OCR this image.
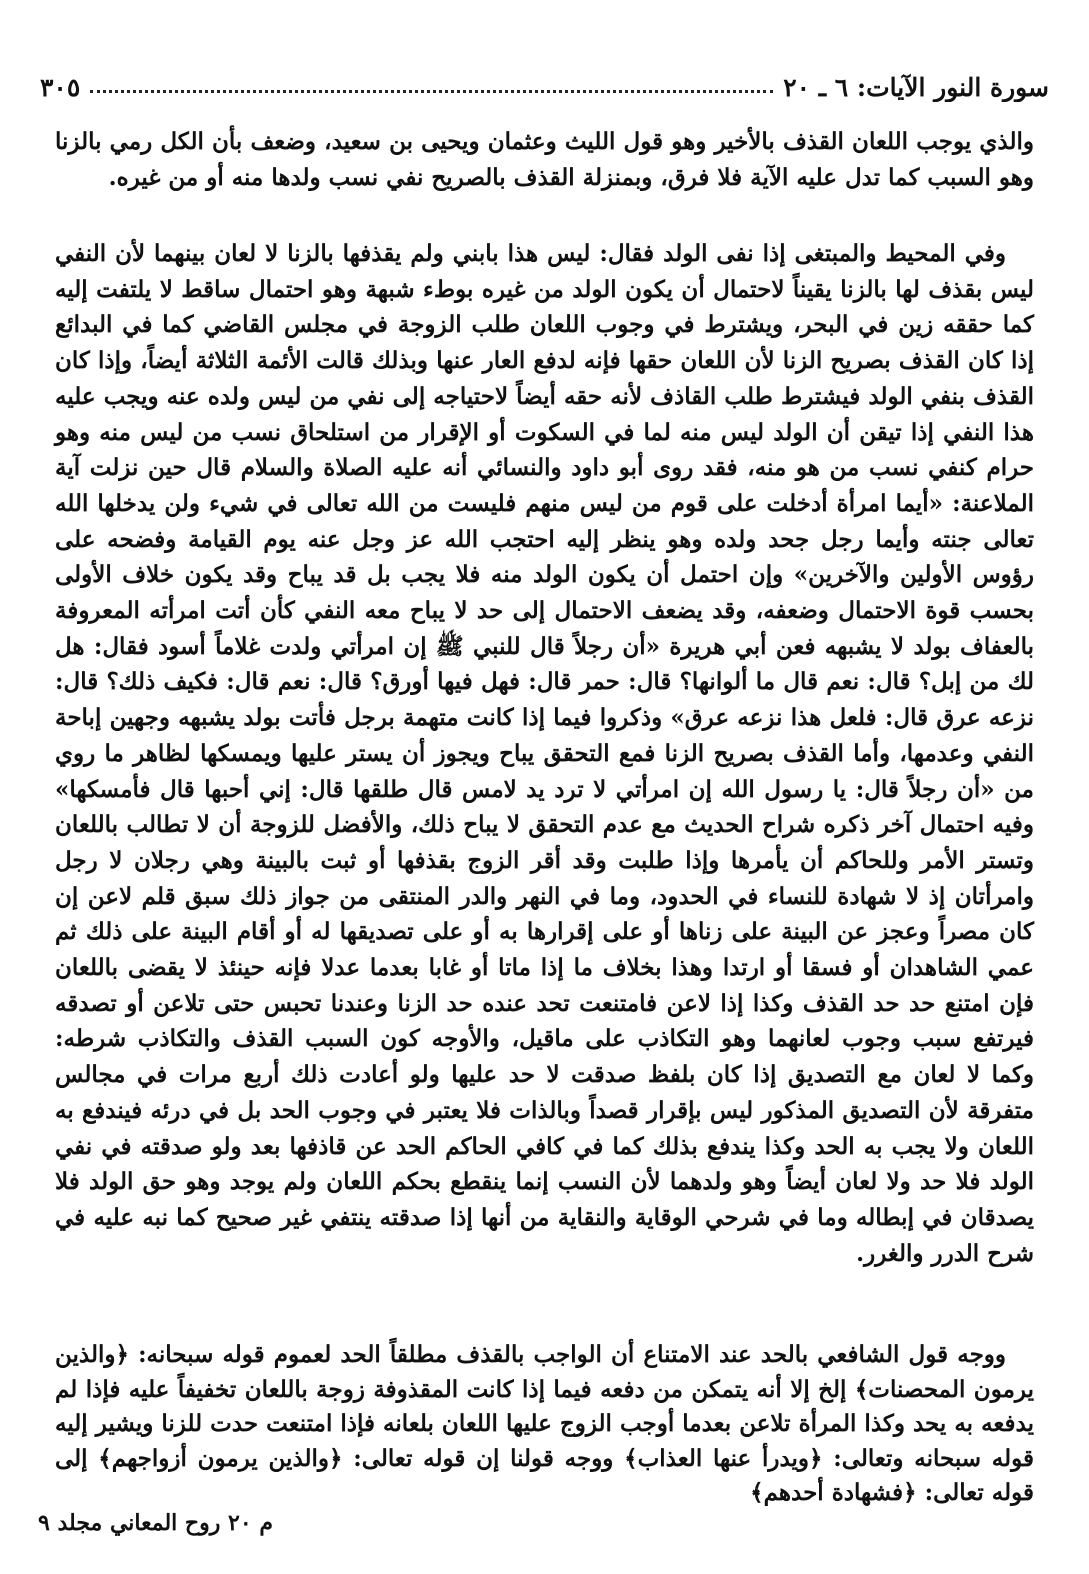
سورة النور الآيات: ٦ ـ ٢٠
٣٠٥

والذي يوجب اللعان القذف بالأخير وهو قول الليث وعثمان ويحيى بن سعيد، وضعف بأن الكل رمي بالزنا وهو السبب كما تدل عليه الآية فلا فرق، وبمنزلة القذف بالصريح نفي نسب ولدها منه أو من غيره.

وفي المحيط والمبتغى إذا نفى الولد فقال: ليس هذا بابني ولم يقذفها بالزنا لا لعان بينهما لأن النفي ليس بقذف لها بالزنا يقيناً لاحتمال أن يكون الولد من غيره بوطء شبهة وهو احتمال ساقط لا يلتفت إليه كما حققه زين في البحر، ويشترط في وجوب اللعان طلب الزوجة في مجلس القاضي كما في البدائع إذا كان القذف بصريح الزنا لأن اللعان حقها فإنه لدفع العار عنها وبذلك قالت الأئمة الثلاثة أيضاً، وإذا كان القذف بنفي الولد فيشترط طلب القاذف لأنه حقه أيضاً لاحتياجه إلى نفي من ليس ولده عنه ويجب عليه هذا النفي إذا تيقن أن الولد ليس منه لما في السكوت أو الإقرار من استلحاق نسب من ليس منه وهو حرام كنفي نسب من هو منه، فقد روى أبو داود والنسائي أنه عليه الصلاة والسلام قال حين نزلت آية الملاعنة: «أيما امرأة أدخلت على قوم من ليس منهم فليست من الله تعالى في شيء ولن يدخلها الله تعالى جنته وأيما رجل جحد ولده وهو ينظر إليه احتجب الله عز وجل عنه يوم القيامة وفضحه على رؤوس الأولين والآخرين» وإن احتمل أن يكون الولد منه فلا يجب بل قد يباح وقد يكون خلاف الأولى بحسب قوة الاحتمال وضعفه، وقد يضعف الاحتمال إلى حد لا يباح معه النفي كأن أتت امرأته المعروفة بالعفاف بولد لا يشبهه فعن أبي هريرة «أن رجلاً قال للنبي ﷺ إن امرأتي ولدت غلاماً أسود فقال: هل لك من إبل؟ قال: نعم قال ما ألوانها؟ قال: حمر قال: فهل فيها أورق؟ قال: نعم قال: فكيف ذلك؟ قال: نزعه عرق قال: فلعل هذا نزعه عرق» وذكروا فيما إذا كانت متهمة برجل فأتت بولد يشبهه وجهين إباحة النفي وعدمها، وأما القذف بصريح الزنا فمع التحقق يباح ويجوز أن يستر عليها ويمسكها لظاهر ما روي من «أن رجلاً قال: يا رسول الله إن امرأتي لا ترد يد لامس قال طلقها قال: إني أحبها قال فأمسكها» وفيه احتمال آخر ذكره شراح الحديث مع عدم التحقق لا يباح ذلك، والأفضل للزوجة أن لا تطالب باللعان وتستر الأمر وللحاكم أن يأمرها وإذا طلبت وقد أقر الزوج بقذفها أو ثبت بالبينة وهي رجلان لا رجل وامرأتان إذ لا شهادة للنساء في الحدود، وما في النهر والدر المنتقى من جواز ذلك سبق قلم لاعن إن كان مصراً وعجز عن البينة على زناها أو على إقرارها به أو على تصديقها له أو أقام البينة على ذلك ثم عمي الشاهدان أو فسقا أو ارتدا وهذا بخلاف ما إذا ماتا أو غابا بعدما عدلا فإنه حينئذ لا يقضى باللعان فإن امتنع حد حد القذف وكذا إذا لاعن فامتنعت تحد عنده حد الزنا وعندنا تحبس حتى تلاعن أو تصدقه فيرتفع سبب وجوب لعانهما وهو التكاذب على ماقيل، والأوجه كون السبب القذف والتكاذب شرطه: وكما لا لعان مع التصديق إذا كان بلفظ صدقت لا حد عليها ولو أعادت ذلك أربع مرات في مجالس متفرقة لأن التصديق المذكور ليس بإقرار قصداً وبالذات فلا يعتبر في وجوب الحد بل في درئه فيندفع به اللعان ولا يجب به الحد وكذا يندفع بذلك كما في كافي الحاكم الحد عن قاذفها بعد ولو صدقته في نفي الولد فلا حد ولا لعان أيضاً وهو ولدهما لأن النسب إنما ينقطع بحكم اللعان ولم يوجد وهو حق الولد فلا يصدقان في إبطاله وما في شرحي الوقاية والنقاية من أنها إذا صدقته ينتفي غير صحيح كما نبه عليه في شرح الدرر والغرر.

ووجه قول الشافعي بالحد عند الامتناع أن الواجب بالقذف مطلقاً الحد لعموم قوله سبحانه: ﴿والذين يرمون المحصنات﴾ إلخ إلا أنه يتمكن من دفعه فيما إذا كانت المقذوفة زوجة باللعان تخفيفاً عليه فإذا لم يدفعه به يحد وكذا المرأة تلاعن بعدما أوجب الزوج عليها اللعان بلعانه فإذا امتنعت حدت للزنا ويشير إليه قوله سبحانه وتعالى: ﴿ويدرأ عنها العذاب﴾ ووجه قولنا إن قوله تعالى: ﴿والذين يرمون أزواجهم﴾ إلى قوله تعالى: ﴿فشهادة أحدهم﴾

م ٢٠ روح المعاني مجلد ٩
